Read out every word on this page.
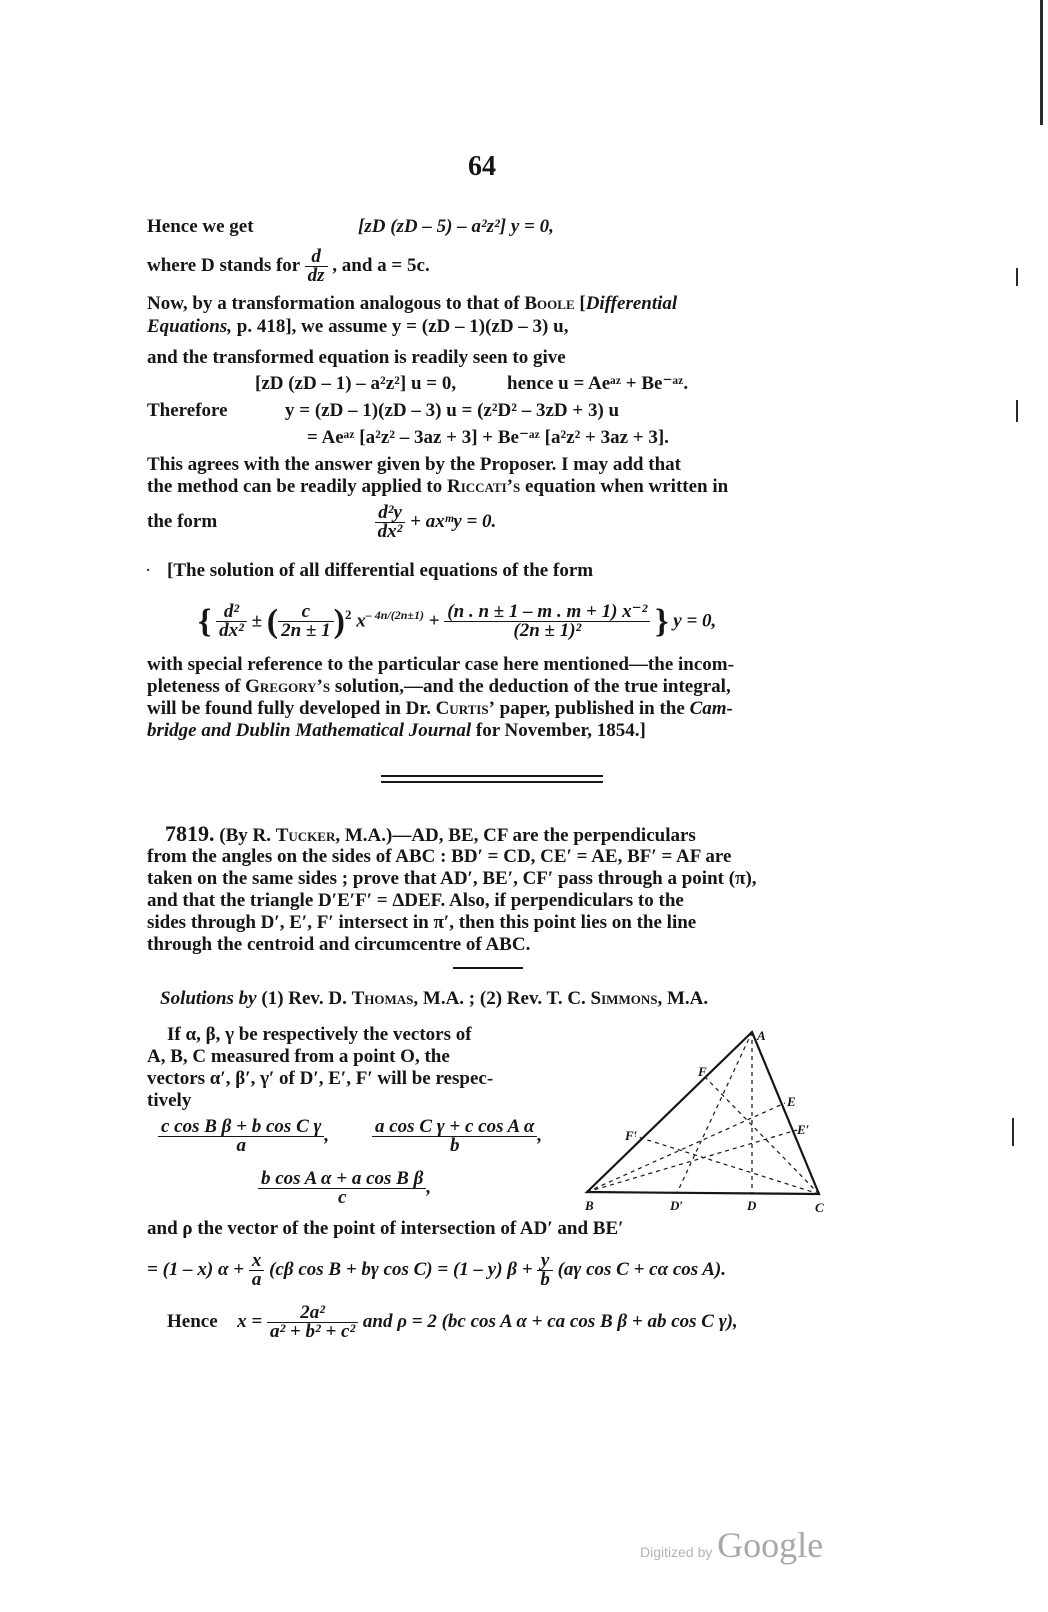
64
Hence we get	[zD (zD – 5) – a²z²] y = 0,
where D stands for $\frac{d}{dz}$ , and a = 5c.
Now, by a transformation analogous to that of Boole [Differential
Equations, p. 418], we assume y = (zD – 1)(zD – 3) u,
and the transformed equation is readily seen to give
[zD (zD – 1) – a²z²] u = 0,	hence u = Aeᵃᶻ + Be⁻ᵃᶻ.
Therefore	y = (zD – 1)(zD – 3) u = (z²D² – 3zD + 3) u
= Aeᵃᶻ [a²z² – 3az + 3] + Be⁻ᵃᶻ [a²z² + 3az + 3].
This agrees with the answer given by the Proposer. I may add that
the method can be readily applied to Riccati’s equation when written in
the form	$\frac{\text{d²y}}{\text{dx²}}$ + axᵐy = 0.
· [The solution of all differential equations of the form
{ $\frac{\text{d²}}{\text{dx²}}$ ± ( $\frac{c}{2n \pm 1} )^2$ $x^{- 4n/(2n\pm 1)} + \frac{\text{(n . n ± 1 – m . m + 1) x⁻²}}{\text{(2n ± 1)²}}$ } y = 0,
with special reference to the particular case here mentioned—the incom-
pleteness of Gregory’s solution,—and the deduction of the true integral,
will be found fully developed in Dr. Curtis’ paper, published in the Cam-
bridge and Dublin Mathematical Journal for November, 1854.]
7819. (By R. Tucker, M.A.)—AD, BE, CF are the perpendiculars
from the angles on the sides of ABC : BD′ = CD, CE′ = AE, BF′ = AF are
taken on the same sides ; prove that AD′, BE′, CF′ pass through a point (π),
and that the triangle D′E′F′ = ΔDEF. Also, if perpendiculars to the
sides through D′, E′, F′ intersect in π′, then this point lies on the line
through the centroid and circumcentre of ABC.
Solutions by (1) Rev. D. Thomas, M.A. ; (2) Rev. T. C. Simmons, M.A.
If α, β, γ be respectively the vectors of
A, B, C measured from a point O, the
vectors α′, β′, γ′ of D′, E′, F′ will be respec-
tively
$\frac{\text{c cos B β + b cos C γ}}{a}$ , $\frac{\text{a cos C γ + c cos A α}}{b}$ ,
$\frac{\text{b cos A α + a cos B β}}{c}$ ,
A
F
E
E′
F′
B	D′	D	C
and ρ the vector of the point of intersection of AD′ and BE′
= (1 – x) $\alpha + \frac{x}{a} (c\beta$ cos B + bγ cos C) = (1 – y) $\beta + \frac{y}{b} (a\gamma$ cos C + cα cos A).
Hence $x = \frac{\text{2a²}}{\text{a² + b² + c²}}$ and ρ = 2 (bc cos A α + ca cos B β + ab cos C γ),
Digitized by Google
